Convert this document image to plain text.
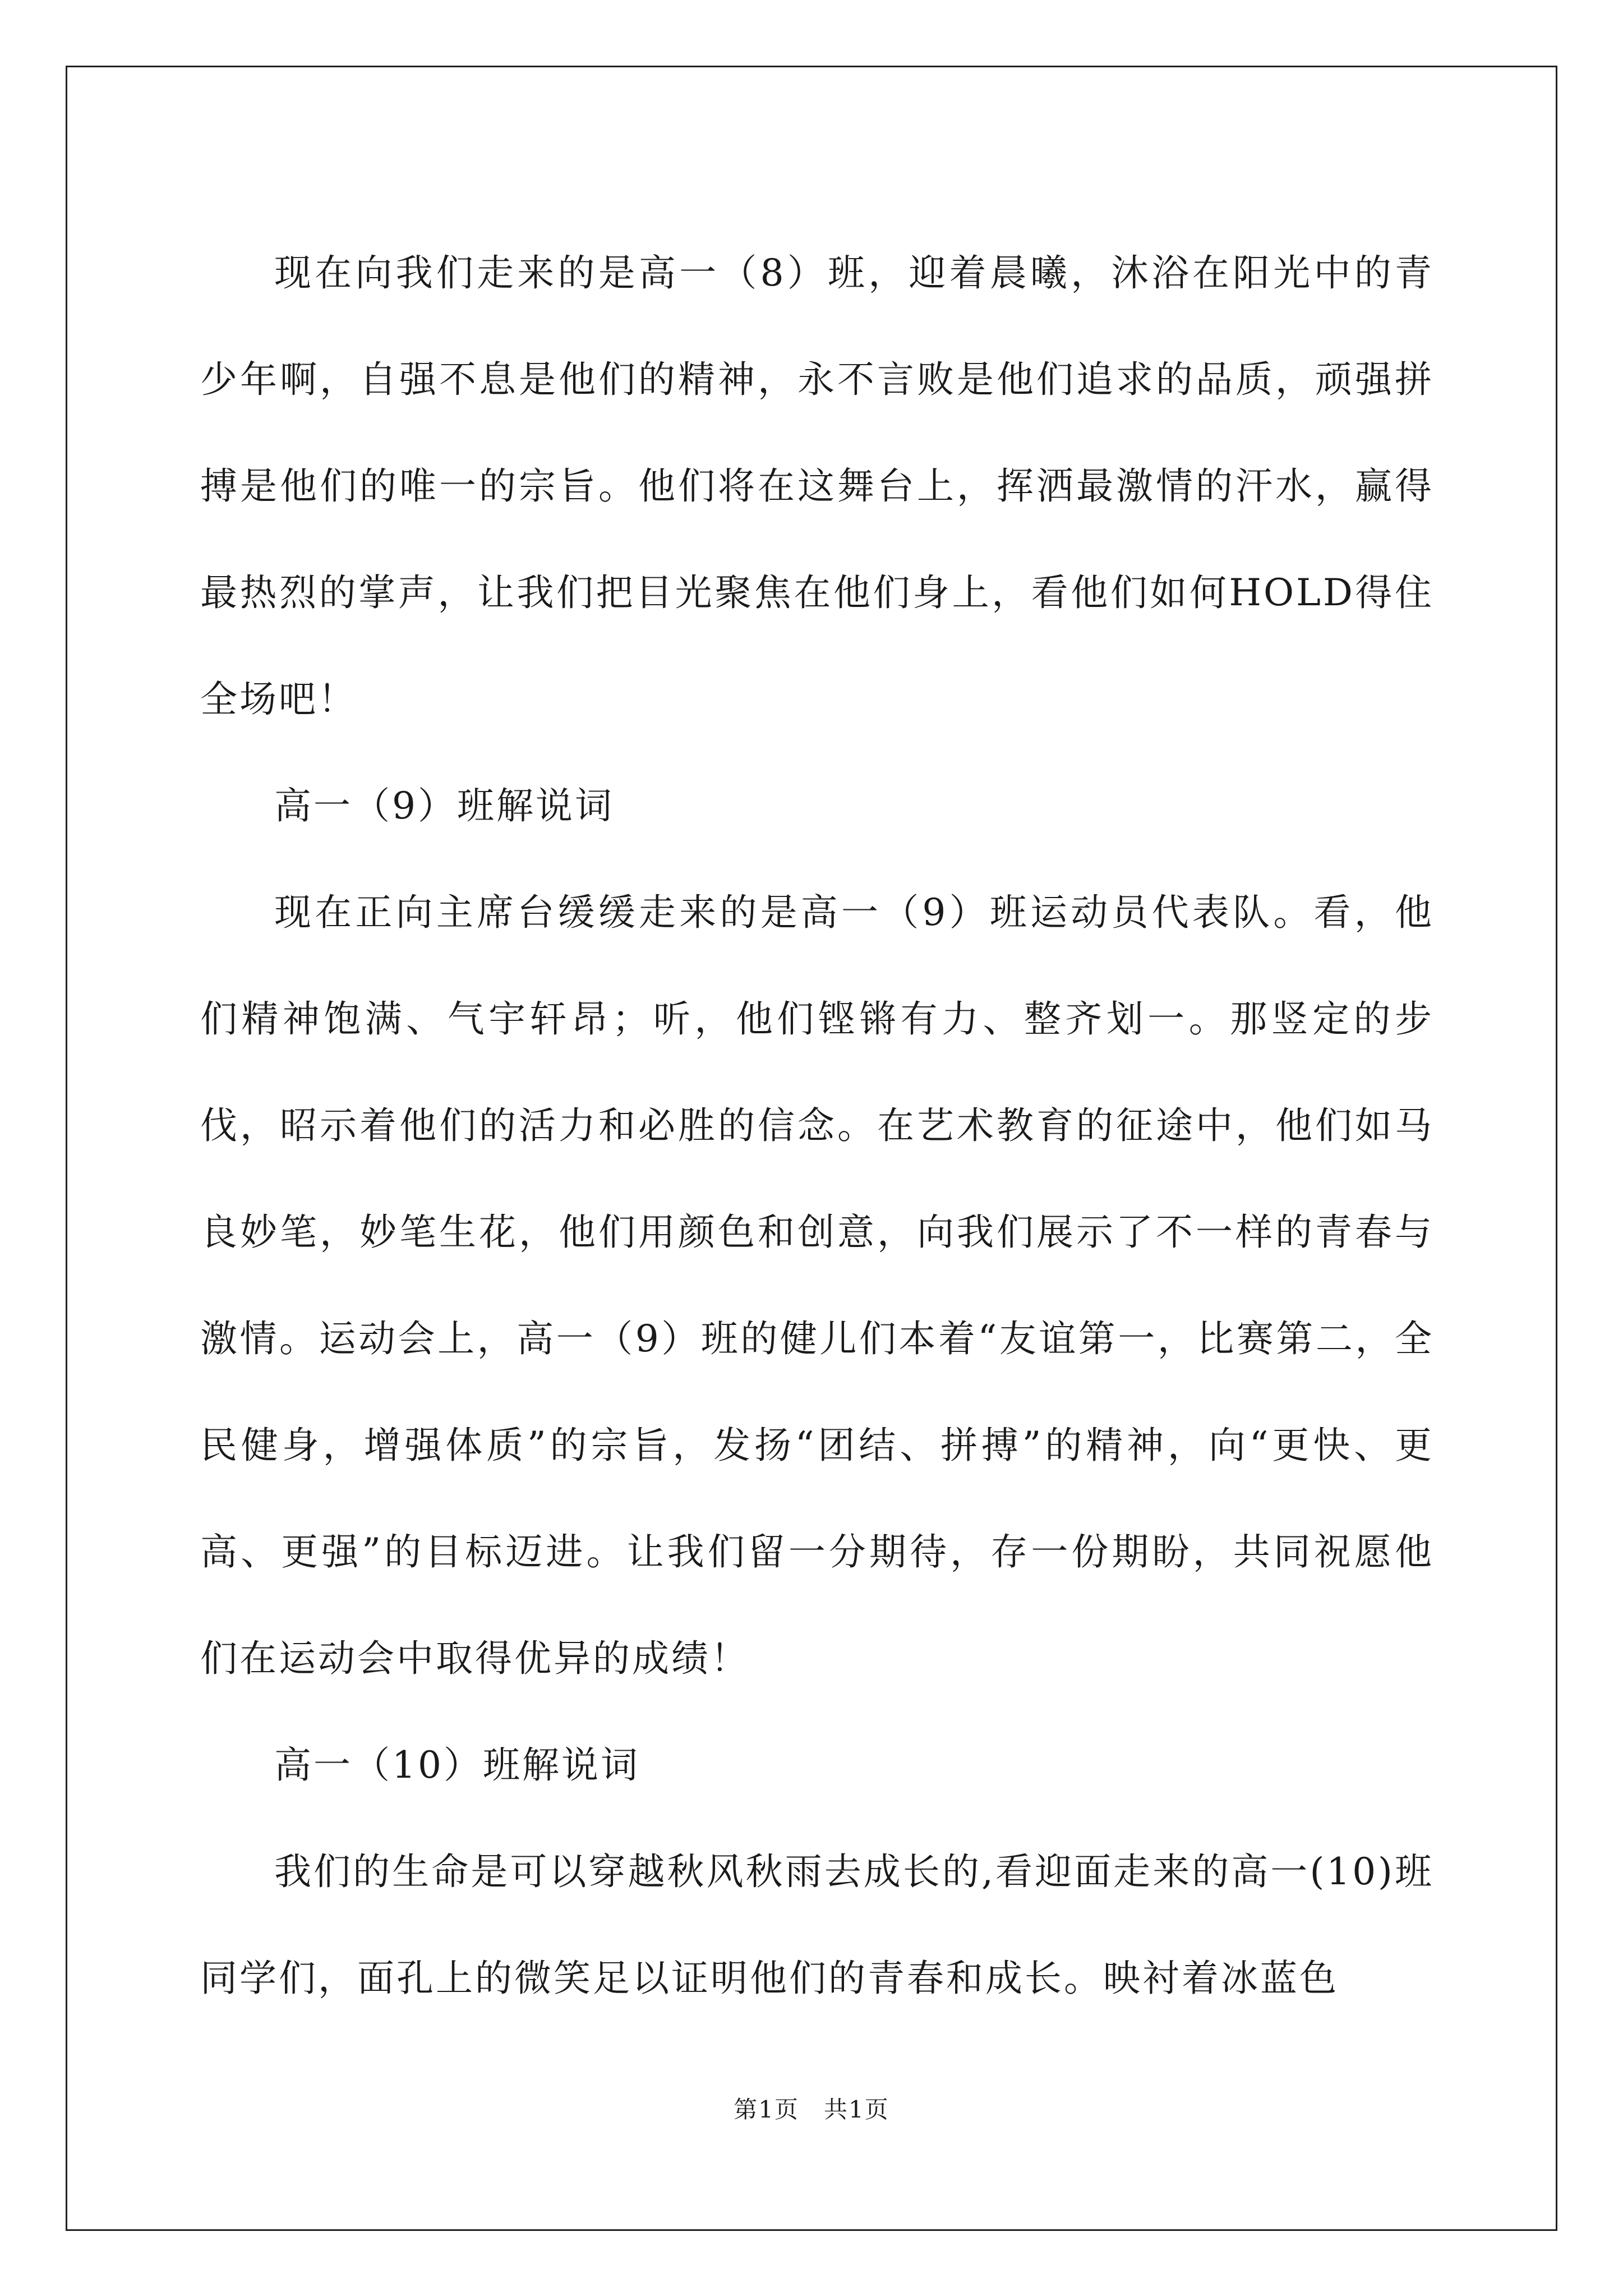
现在向我们走来的是高一（8）班，迎着晨曦，沐浴在阳光中的青少年啊，自强不息是他们的精神，永不言败是他们追求的品质，顽强拼搏是他们的唯一的宗旨。他们将在这舞台上，挥洒最激情的汗水，赢得最热烈的掌声，让我们把目光聚焦在他们身上，看他们如何HOLD得住全场吧！

高一（9）班解说词

现在正向主席台缓缓走来的是高一（9）班运动员代表队。看，他们精神饱满、气宇轩昂；听，他们铿锵有力、整齐划一。那竖定的步伐，昭示着他们的活力和必胜的信念。在艺术教育的征途中，他们如马良妙笔，妙笔生花，他们用颜色和创意，向我们展示了不一样的青春与激情。运动会上，高一（9）班的健儿们本着“友谊第一，比赛第二，全民健身，增强体质”的宗旨，发扬“团结、拼搏”的精神，向“更快、更高、更强”的目标迈进。让我们留一分期待，存一份期盼，共同祝愿他们在运动会中取得优异的成绩！

高一（10）班解说词

我们的生命是可以穿越秋风秋雨去成长的,看迎面走来的高一(10)班同学们，面孔上的微笑足以证明他们的青春和成长。映衬着冰蓝色

第1页　共1页
